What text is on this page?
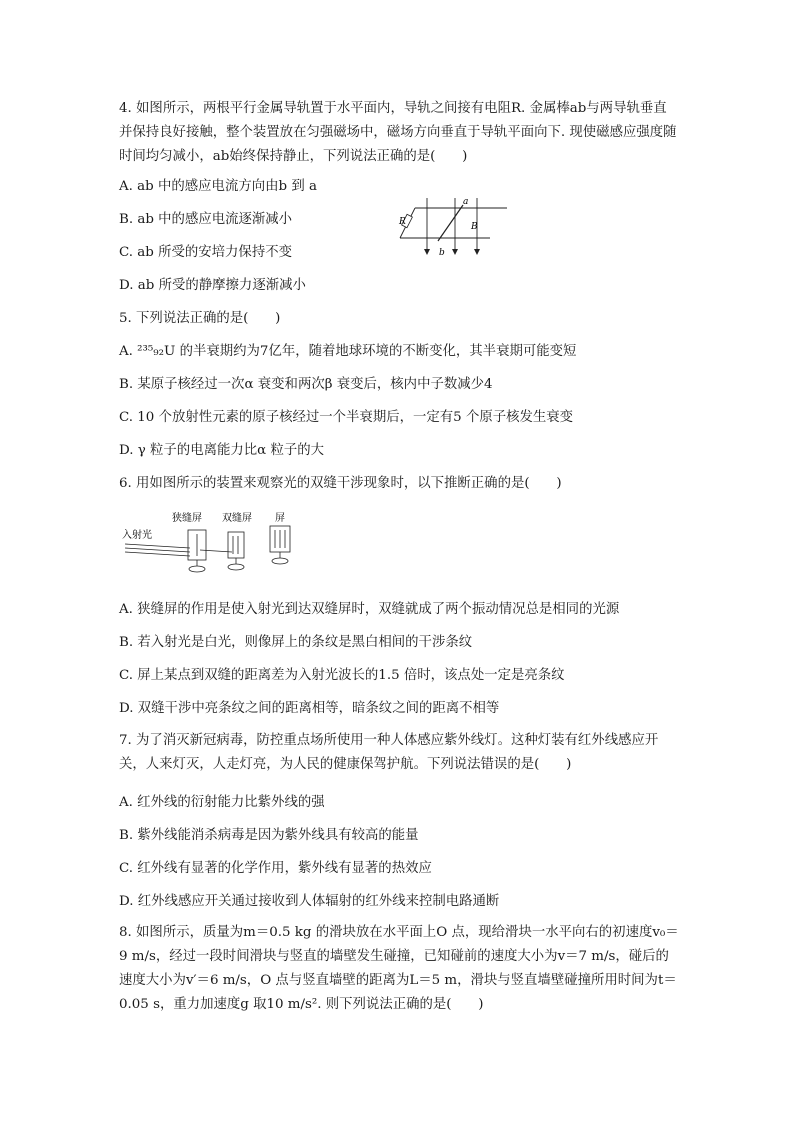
4. 如图所示，两根平行金属导轨置于水平面内，导轨之间接有电阻R. 金属棒ab与两导轨垂直并保持良好接触，整个装置放在匀强磁场中，磁场方向垂直于导轨平面向下. 现使磁感应强度随时间均匀减小，ab始终保持静止，下列说法正确的是(　　)
A. ab 中的感应电流方向由b 到 a
B. ab 中的感应电流逐渐减小
C. ab 所受的安培力保持不变
D. ab 所受的静摩擦力逐渐减小
R
a
b
B
5. 下列说法正确的是(　　)
A. ²³⁵₉₂U 的半衰期约为7亿年，随着地球环境的不断变化，其半衰期可能变短
B. 某原子核经过一次α 衰变和两次β 衰变后，核内中子数减少4
C. 10 个放射性元素的原子核经过一个半衰期后，一定有5 个原子核发生衰变
D. γ 粒子的电离能力比α 粒子的大
6. 用如图所示的装置来观察光的双缝干涉现象时，以下推断正确的是(　　)
入射光
狭缝屏 双缝屏 屏
A. 狭缝屏的作用是使入射光到达双缝屏时，双缝就成了两个振动情况总是相同的光源
B. 若入射光是白光，则像屏上的条纹是黑白相间的干涉条纹
C. 屏上某点到双缝的距离差为入射光波长的1.5 倍时，该点处一定是亮条纹
D. 双缝干涉中亮条纹之间的距离相等，暗条纹之间的距离不相等
7. 为了消灭新冠病毒，防控重点场所使用一种人体感应紫外线灯。这种灯装有红外线感应开关，人来灯灭，人走灯亮，为人民的健康保驾护航。下列说法错误的是(　　)
A. 红外线的衍射能力比紫外线的强
B. 紫外线能消杀病毒是因为紫外线具有较高的能量
C. 红外线有显著的化学作用，紫外线有显著的热效应
D. 红外线感应开关通过接收到人体辐射的红外线来控制电路通断
8. 如图所示，质量为m＝0.5 kg 的滑块放在水平面上O 点，现给滑块一水平向右的初速度v₀＝9 m/s，经过一段时间滑块与竖直的墙壁发生碰撞，已知碰前的速度大小为v＝7 m/s，碰后的速度大小为v′＝6 m/s，O 点与竖直墙壁的距离为L＝5 m，滑块与竖直墙壁碰撞所用时间为t＝0.05 s，重力加速度g 取10 m/s². 则下列说法正确的是(　　)
